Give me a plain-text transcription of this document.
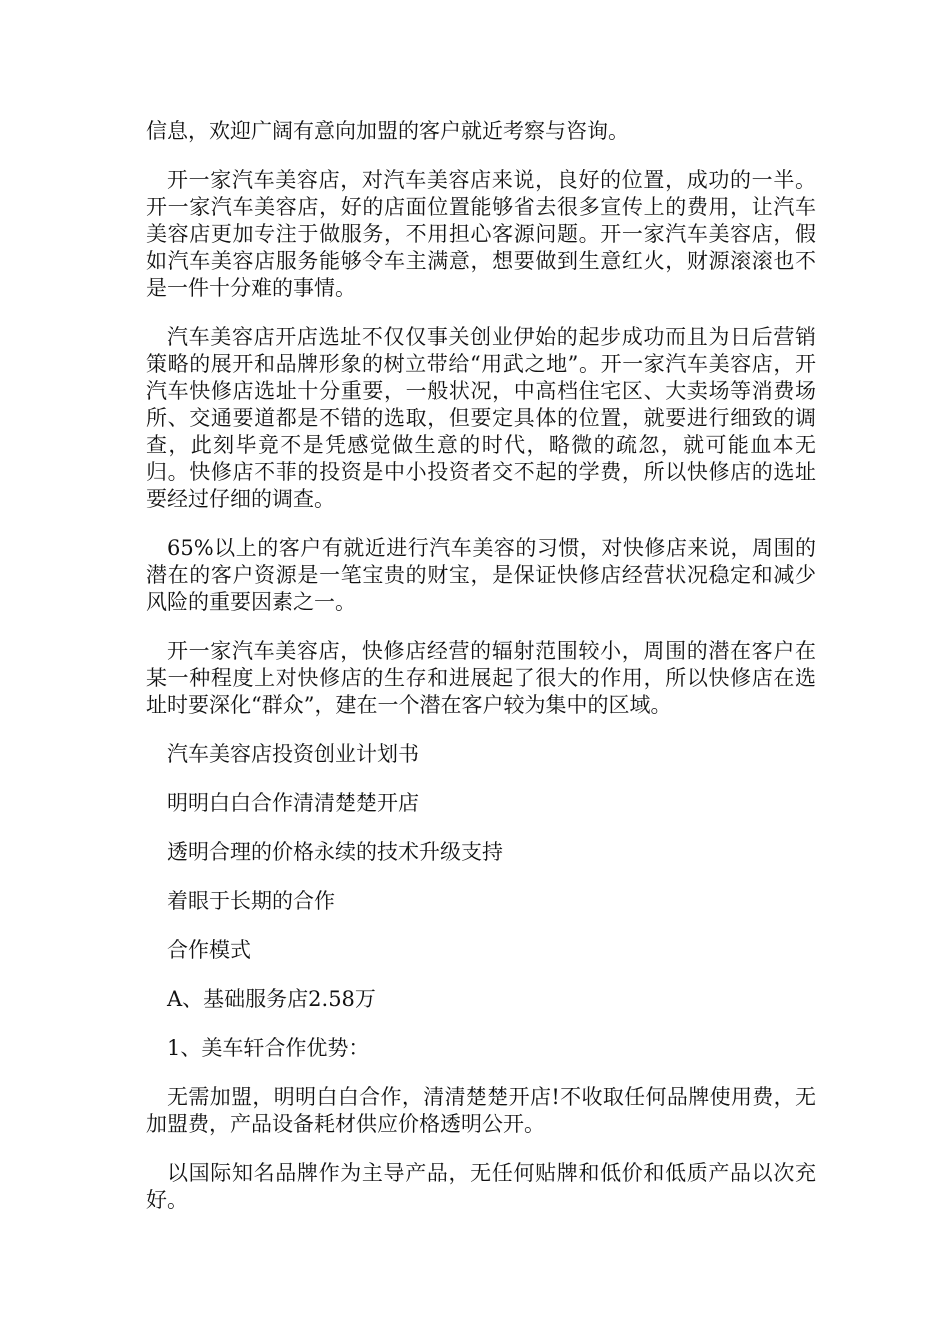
信息，欢迎广阔有意向加盟的客户就近考察与咨询。

开一家汽车美容店，对汽车美容店来说，良好的位置，成功的一半。开一家汽车美容店，好的店面位置能够省去很多宣传上的费用，让汽车美容店更加专注于做服务，不用担心客源问题。开一家汽车美容店，假如汽车美容店服务能够令车主满意，想要做到生意红火，财源滚滚也不是一件十分难的事情。

汽车美容店开店选址不仅仅事关创业伊始的起步成功而且为日后营销策略的展开和品牌形象的树立带给“用武之地”。开一家汽车美容店，开汽车快修店选址十分重要，一般状况，中高档住宅区、大卖场等消费场所、交通要道都是不错的选取，但要定具体的位置，就要进行细致的调查，此刻毕竟不是凭感觉做生意的时代，略微的疏忽，就可能血本无归。快修店不菲的投资是中小投资者交不起的学费，所以快修店的选址要经过仔细的调查。

65%以上的客户有就近进行汽车美容的习惯，对快修店来说，周围的潜在的客户资源是一笔宝贵的财宝，是保证快修店经营状况稳定和减少风险的重要因素之一。

开一家汽车美容店，快修店经营的辐射范围较小，周围的潜在客户在某一种程度上对快修店的生存和进展起了很大的作用，所以快修店在选址时要深化“群众”，建在一个潜在客户较为集中的区域。

汽车美容店投资创业计划书

明明白白合作清清楚楚开店

透明合理的价格永续的技术升级支持

着眼于长期的合作

合作模式

A、基础服务店2.58万

1、美车轩合作优势：

无需加盟，明明白白合作，清清楚楚开店!不收取任何品牌使用费，无加盟费，产品设备耗材供应价格透明公开。

以国际知名品牌作为主导产品，无任何贴牌和低价和低质产品以次充好。
